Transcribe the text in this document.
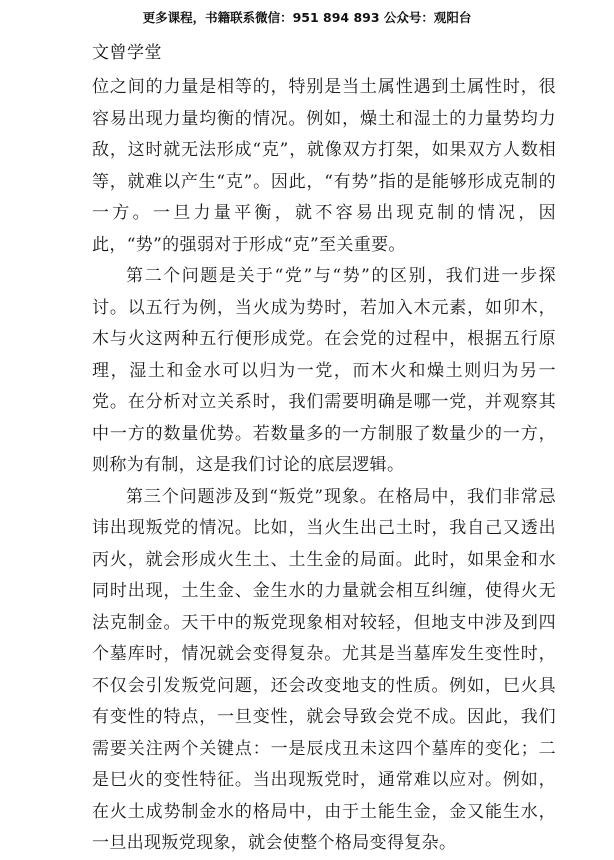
更多课程，书籍联系微信：951 894 893 公众号：观阳台
文曾学堂

位之间的力量是相等的，特别是当土属性遇到土属性时，很容易出现力量均衡的情况。例如，燥土和湿土的力量势均力敌，这时就无法形成“克”，就像双方打架，如果双方人数相等，就难以产生“克”。因此，“有势”指的是能够形成克制的一方。一旦力量平衡，就不容易出现克制的情况，因此，“势”的强弱对于形成“克”至关重要。

第二个问题是关于“党”与“势”的区别，我们进一步探讨。以五行为例，当火成为势时，若加入木元素，如卯木，木与火这两种五行便形成党。在会党的过程中，根据五行原理，湿土和金水可以归为一党，而木火和燥土则归为另一党。在分析对立关系时，我们需要明确是哪一党，并观察其中一方的数量优势。若数量多的一方制服了数量少的一方，则称为有制，这是我们讨论的底层逻辑。

第三个问题涉及到“叛党”现象。在格局中，我们非常忌讳出现叛党的情况。比如，当火生出己土时，我自己又透出丙火，就会形成火生土、土生金的局面。此时，如果金和水同时出现，土生金、金生水的力量就会相互纠缠，使得火无法克制金。天干中的叛党现象相对较轻，但地支中涉及到四个墓库时，情况就会变得复杂。尤其是当墓库发生变性时，不仅会引发叛党问题，还会改变地支的性质。例如，巳火具有变性的特点，一旦变性，就会导致会党不成。因此，我们需要关注两个关键点：一是辰戌丑未这四个墓库的变化；二是巳火的变性特征。当出现叛党时，通常难以应对。例如，在火土成势制金水的格局中，由于土能生金，金又能生水，一旦出现叛党现象，就会使整个格局变得复杂。
